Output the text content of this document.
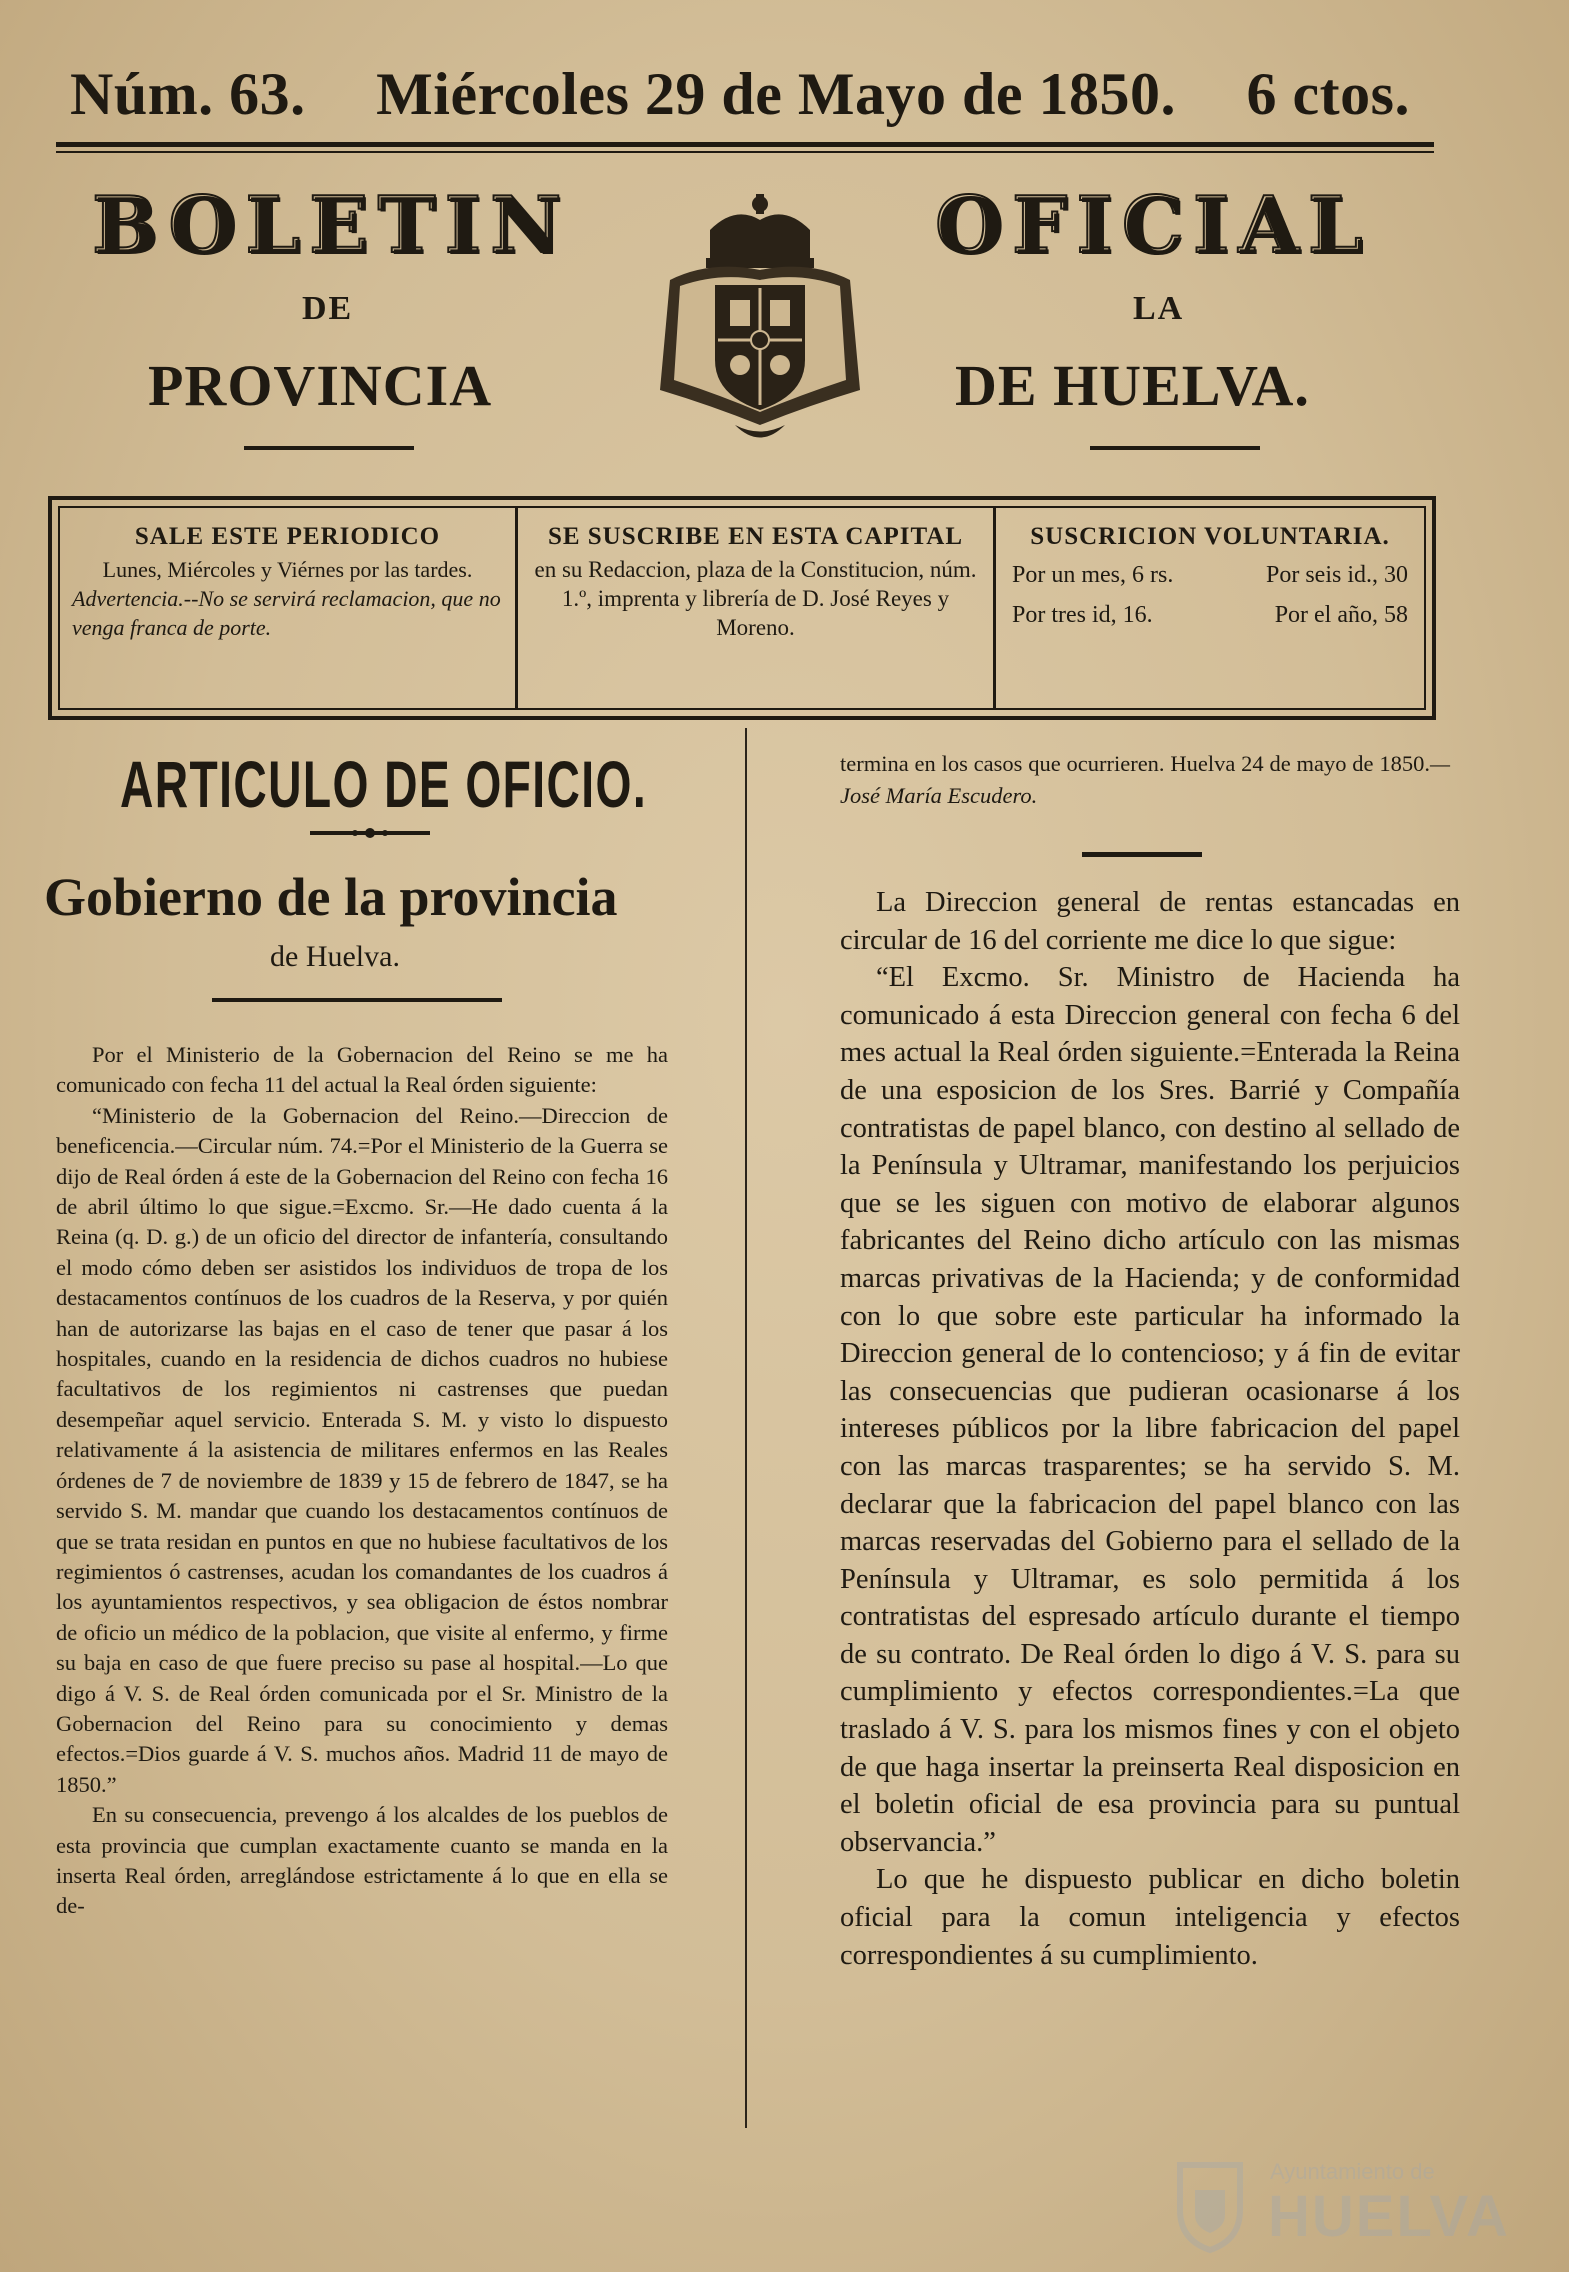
Núm. 63. Miércoles 29 de Mayo de 1850. 6 ctos.
BOLETIN	OFICIAL
DE	LA
PROVINCIA	DE HUELVA.
SALE ESTE PERIODICO
Lunes, Miércoles y Viérnes por las tardes.
Advertencia.--No se servirá reclamacion, que no venga franca de porte.
SE SUSCRIBE EN ESTA CAPITAL
en su Redaccion, plaza de la Constitucion, núm. 1.º, imprenta y librería de D. José Reyes y Moreno.
SUSCRICION VOLUNTARIA.
Por un mes, 6 rs.	Por seis id., 30
Por tres id, 16.	Por el año, 58
ARTICULO DE OFICIO.
Gobierno de la provincia
de Huelva.

Por el Ministerio de la Gobernacion del Reino se me ha comunicado con fecha 11 del actual la Real órden siguiente:

“Ministerio de la Gobernacion del Reino.—Direccion de beneficencia.—Circular núm. 74.=Por el Ministerio de la Guerra se dijo de Real órden á este de la Gobernacion del Reino con fecha 16 de abril último lo que sigue.=Excmo. Sr.—He dado cuenta á la Reina (q. D. g.) de un oficio del director de infantería, consultando el modo cómo deben ser asistidos los individuos de tropa de los destacamentos contínuos de los cuadros de la Reserva, y por quién han de autorizarse las bajas en el caso de tener que pasar á los hospitales, cuando en la residencia de dichos cuadros no hubiese facultativos de los regimientos ni castrenses que puedan desempeñar aquel servicio. Enterada S. M. y visto lo dispuesto relativamente á la asistencia de militares enfermos en las Reales órdenes de 7 de noviembre de 1839 y 15 de febrero de 1847, se ha servido S. M. mandar que cuando los destacamentos contínuos de que se trata residan en puntos en que no hubiese facultativos de los regimientos ó castrenses, acudan los comandantes de los cuadros á los ayuntamientos respectivos, y sea obligacion de éstos nombrar de oficio un médico de la poblacion, que visite al enfermo, y firme su baja en caso de que fuere preciso su pase al hospital.—Lo que digo á V. S. de Real órden comunicada por el Sr. Ministro de la Gobernacion del Reino para su conocimiento y demas efectos.=Dios guarde á V. S. muchos años. Madrid 11 de mayo de 1850.”

En su consecuencia, prevengo á los alcaldes de los pueblos de esta provincia que cumplan exactamente cuanto se manda en la inserta Real órden, arreglándose estrictamente á lo que en ella se de-

termina en los casos que ocurrieren. Huelva 24 de mayo de 1850.—José María Escudero.

La Direccion general de rentas estancadas en circular de 16 del corriente me dice lo que sigue:

“El Excmo. Sr. Ministro de Hacienda ha comunicado á esta Direccion general con fecha 6 del mes actual la Real órden siguiente.=Enterada la Reina de una esposicion de los Sres. Barrié y Compañía contratistas de papel blanco, con destino al sellado de la Península y Ultramar, manifestando los perjuicios que se les siguen con motivo de elaborar algunos fabricantes del Reino dicho artículo con las mismas marcas privativas de la Hacienda; y de conformidad con lo que sobre este particular ha informado la Direccion general de lo contencioso; y á fin de evitar las consecuencias que pudieran ocasionarse á los intereses públicos por la libre fabricacion del papel con las marcas trasparentes; se ha servido S. M. declarar que la fabricacion del papel blanco con las marcas reservadas del Gobierno para el sellado de la Península y Ultramar, es solo permitida á los contratistas del espresado artículo durante el tiempo de su contrato. De Real órden lo digo á V. S. para su cumplimiento y efectos correspondientes.=La que traslado á V. S. para los mismos fines y con el objeto de que haga insertar la preinserta Real disposicion en el boletin oficial de esa provincia para su puntual observancia.”

Lo que he dispuesto publicar en dicho boletin oficial para la comun inteligencia y efectos correspondientes á su cumplimiento.

Ayuntamiento de
HUELVA
